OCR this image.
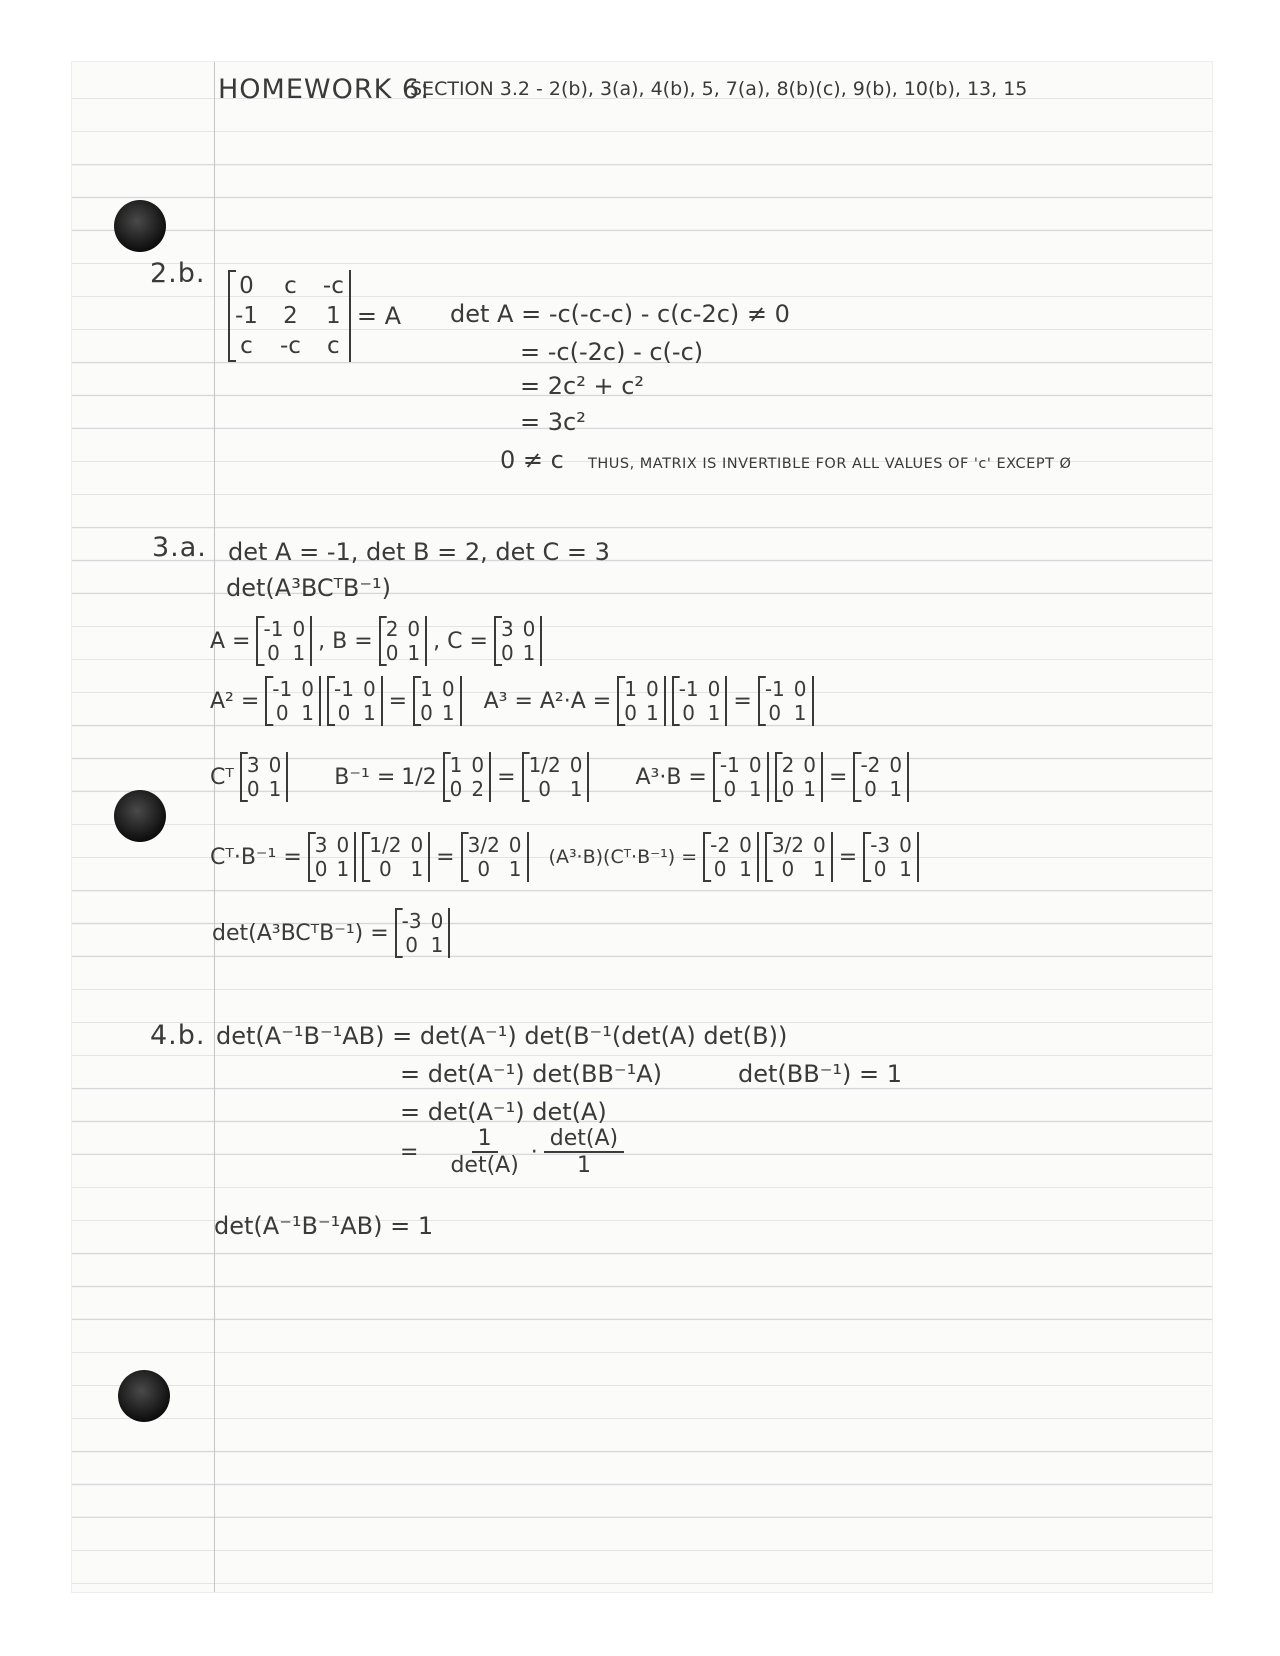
HOMEWORK 6:
SECTION 3.2 - 2(b), 3(a), 4(b), 5, 7(a), 8(b)(c), 9(b), 10(b), 13, 15
2.b. 0 c -c
-1 2 1
c -c c
= A det A = -c(-c-c) - c(c-2c) ≠ 0
= -c(-2c) - c(-c)
= 2c² + c²
= 3c²
0 ≠ c THUS, MATRIX IS INVERTIBLE FOR ALL VALUES OF 'c' EXCEPT Ø
3.a. det A = -1, det B = 2, det C = 3
det(A³BCᵀB⁻¹)
A = -1 0
0 1 , B = 2 0
0 1 , C = 3 0
0 1
A² = -1 0
0 1
-1 0
0 1 = 1 0
0 1 A³ = A²·A = 1 0
0 1
-1 0
0 1 = -1 0
0 1
Cᵀ 3 0
0 1 B⁻¹ = 1/2 1 0
0 2 = 1/2 0
0 1 A³·B = -1 0
0 1
2 0
0 1 = -2 0
0 1
Cᵀ·B⁻¹ = 3 0
0 1
1/2 0
0 1 = 3/2 0
0 1 (A³·B)(Cᵀ·B⁻¹) = -2 0
0 1
3/2 0
0 1 = -3 0
0 1
det(A³BCᵀB⁻¹) = -3 0
0 1
4.b. det(A⁻¹B⁻¹AB) = det(A⁻¹) det(B⁻¹(det(A) det(B))
= det(A⁻¹) det(BB⁻¹A)	det(BB⁻¹) = 1
= det(A⁻¹) det(A)
= $\frac{1}{\det(A)} \cdot \frac{\det(A)}{1}$
det(A⁻¹B⁻¹AB) = 1
